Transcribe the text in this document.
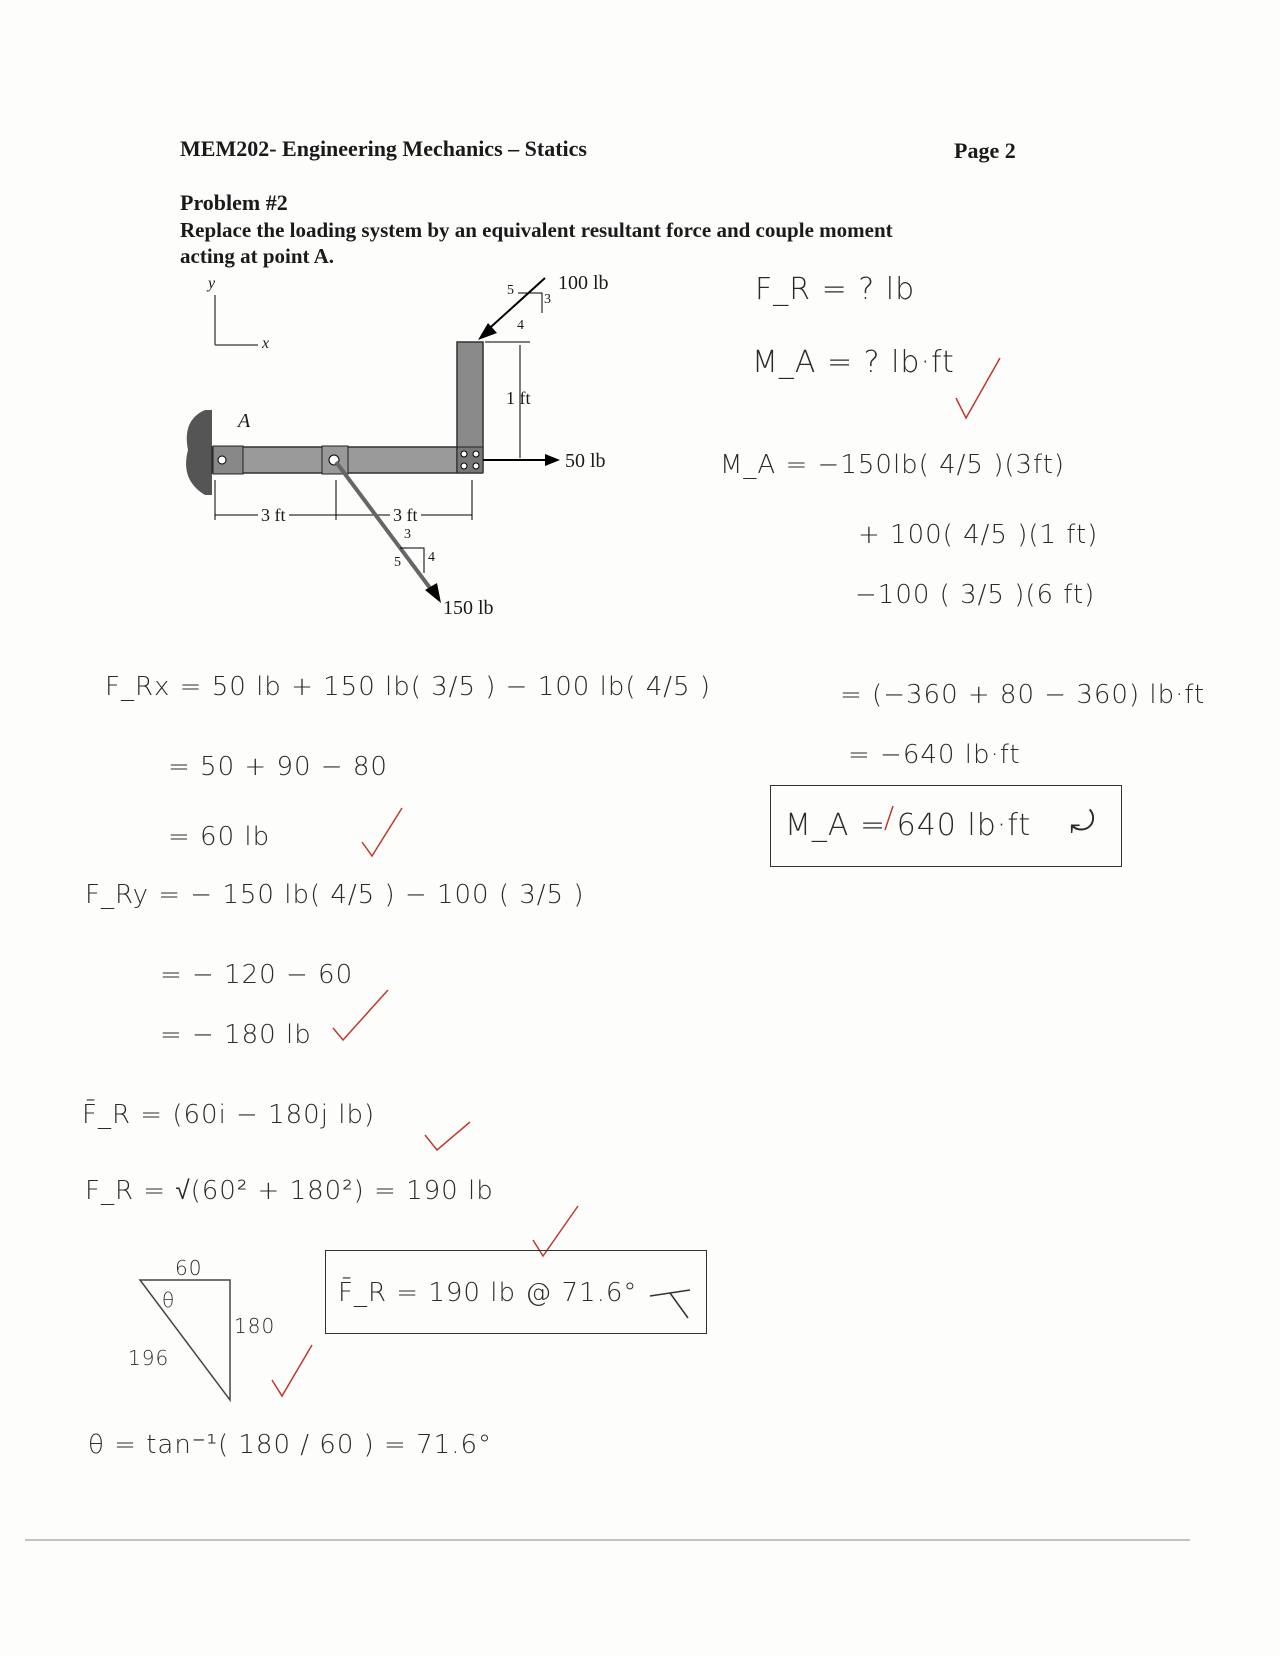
MEM202- Engineering Mechanics – Statics	Page 2
Problem #2
Replace the loading system by an equivalent resultant force and couple moment
acting at point A.
y
x
A
100 lb
5
3
4
1 ft
50 lb
3 ft	3 ft
3
5 4
150 lb
F_R = ? lb
M_A = ? lb·ft
M_A = −150lb( 4/5 )(3ft)
+ 100( 4/5 )(1 ft)
−100 ( 3/5 )(6 ft)
= (−360 + 80 − 360) lb·ft
= −640 lb·ft
M_A = 640 lb·ft ⤾
F_Rx = 50 lb + 150 lb( 3/5 ) − 100 lb( 4/5 )
= 50 + 90 − 80
= 60 lb
F_Ry = − 150 lb( 4/5 ) − 100 ( 3/5 )
= − 120 − 60
= − 180 lb
F̄_R = (60i − 180j lb)
F_R = √(60² + 180²) = 190 lb
60
θ
180
196
F̄_R = 190 lb @ 71.6°
θ = tan⁻¹( 180 / 60 ) = 71.6°
